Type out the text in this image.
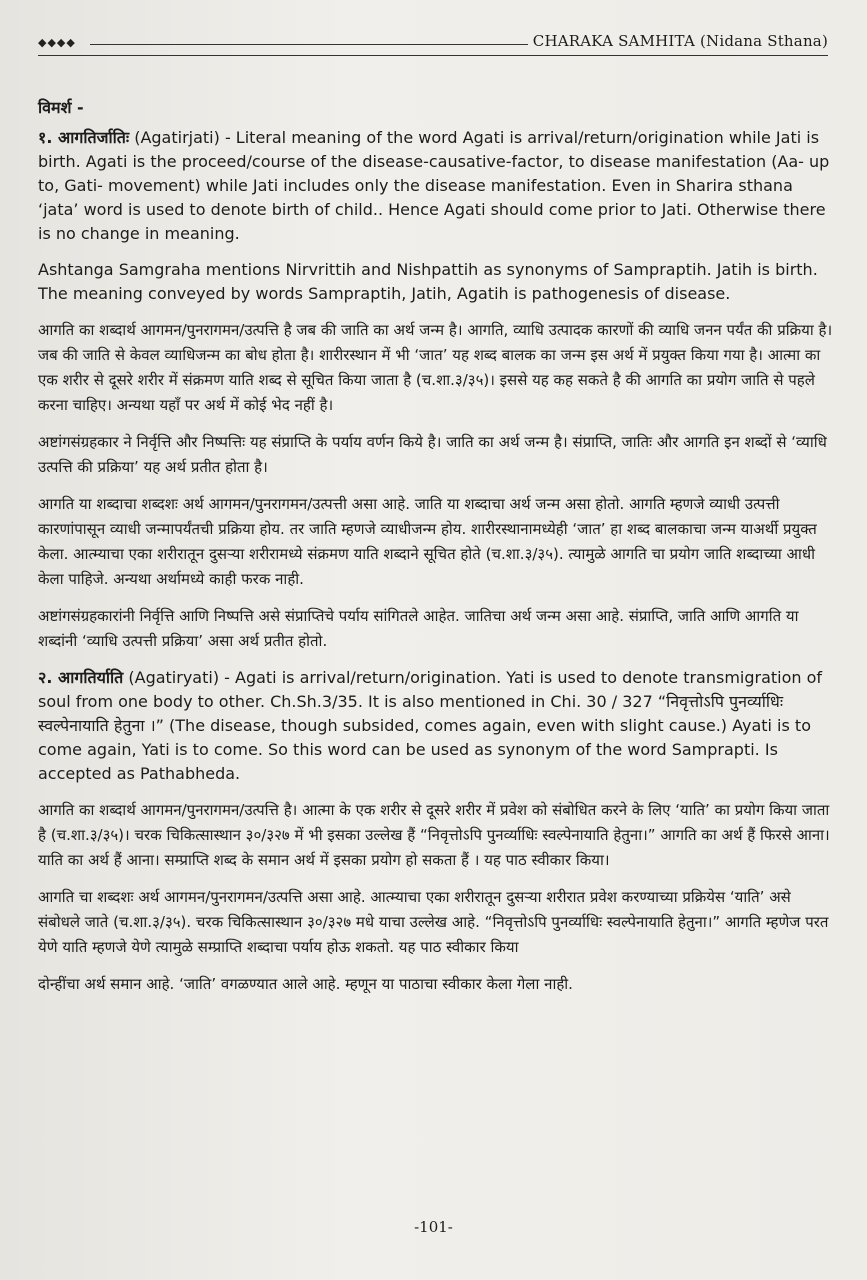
◆◆◆◆	CHARAKA SAMHITA (Nidana Sthana)
विमर्श -

१. आगतिर्जातिः (Agatirjati) - Literal meaning of the word Agati is arrival/return/origination while Jati is birth. Agati is the proceed/course of the disease-causative-factor, to disease manifestation (Aa- up to, Gati- movement) while Jati includes only the disease manifestation. Even in Sharira sthana ‘jata’ word is used to denote birth of child.. Hence Agati should come prior to Jati. Otherwise there is no change in meaning.

Ashtanga Samgraha mentions Nirvrittih and Nishpattih as synonyms of Sampraptih. Jatih is birth. The meaning conveyed by words Sampraptih, Jatih, Agatih is pathogenesis of disease.

आगति का शब्दार्थ आगमन/पुनरागमन/उत्पत्ति है जब की जाति का अर्थ जन्म है। आगति, व्याधि उत्पादक कारणों की व्याधि जनन पर्यंत की प्रक्रिया है। जब की जाति से केवल व्याधिजन्म का बोध होता है। शारीरस्थान में भी ‘जात’ यह शब्द बालक का जन्म इस अर्थ में प्रयुक्त किया गया है। आत्मा का एक शरीर से दूसरे शरीर में संक्रमण याति शब्द से सूचित किया जाता है (च.शा.३/३५)। इससे यह कह सकते है की आगति का प्रयोग जाति से पहले करना चाहिए। अन्यथा यहाँ पर अर्थ में कोई भेद नहीं है।

अष्टांगसंग्रहकार ने निर्वृत्ति और निष्पत्तिः यह संप्राप्ति के पर्याय वर्णन किये है। जाति का अर्थ जन्म है। संप्राप्ति, जातिः और आगति इन शब्दों से ‘व्याधि उत्पत्ति की प्रक्रिया’ यह अर्थ प्रतीत होता है।

आगति या शब्दाचा शब्दशः अर्थ आगमन/पुनरागमन/उत्पत्ती असा आहे. जाति या शब्दाचा अर्थ जन्म असा होतो. आगति म्हणजे व्याधी उत्पत्ती कारणांपासून व्याधी जन्मापर्यंतची प्रक्रिया होय. तर जाति म्हणजे व्याधीजन्म होय. शारीरस्थानामध्येही ‘जात’ हा शब्द बालकाचा जन्म याअर्थी प्रयुक्त केला. आत्म्याचा एका शरीरातून दुसऱ्या शरीरामध्ये संक्रमण याति शब्दाने सूचित होते (च.शा.३/३५). त्यामुळे आगति चा प्रयोग जाति शब्दाच्या आधी केला पाहिजे. अन्यथा अर्थामध्ये काही फरक नाही.

अष्टांगसंग्रहकारांनी निर्वृत्ति आणि निष्पत्ति असे संप्राप्तिचे पर्याय सांगितले आहेत. जातिचा अर्थ जन्म असा आहे. संप्राप्ति, जाति आणि आगति या शब्दांनी ‘व्याधि उत्पत्ती प्रक्रिया’ असा अर्थ प्रतीत होतो.

२. आगतिर्याति (Agatiryati) - Agati is arrival/return/origination. Yati is used to denote transmigration of soul from one body to other. Ch.Sh.3/35. It is also mentioned in Chi. 30 / 327 “निवृत्तोऽपि पुनर्व्याधिः स्वल्पेनायाति हेतुना ।” (The disease, though subsided, comes again, even with slight cause.) Ayati is to come again, Yati is to come. So this word can be used as synonym of the word Samprapti. Is accepted as Pathabheda.

आगति का शब्दार्थ आगमन/पुनरागमन/उत्पत्ति है। आत्मा के एक शरीर से दूसरे शरीर में प्रवेश को संबोधित करने के लिए ‘याति’ का प्रयोग किया जाता है (च.शा.३/३५)। चरक चिकित्सास्थान ३०/३२७ में भी इसका उल्लेख हैं “निवृत्तोऽपि पुनर्व्याधिः स्वल्पेनायाति हेतुना।” आगति का अर्थ हैं फिरसे आना। याति का अर्थ हैं आना। सम्प्राप्ति शब्द के समान अर्थ में इसका प्रयोग हो सकता हैं । यह पाठ स्वीकार किया।

आगति चा शब्दशः अर्थ आगमन/पुनरागमन/उत्पत्ति असा आहे. आत्म्याचा एका शरीरातून दुसऱ्या शरीरात प्रवेश करण्याच्या प्रक्रियेस ‘याति’ असे संबोधले जाते (च.शा.३/३५). चरक चिकित्सास्थान ३०/३२७ मधे याचा उल्लेख आहे. “निवृत्तोऽपि पुनर्व्याधिः स्वल्पेनायाति हेतुना।” आगति म्हणेज परत येणे याति म्हणजे येणे त्यामुळे सम्प्राप्ति शब्दाचा पर्याय होऊ शकतो. यह पाठ स्वीकार किया

दोन्हींचा अर्थ समान आहे. ‘जाति’ वगळण्यात आले आहे. म्हणून या पाठाचा स्वीकार केला गेला नाही.

-101-
